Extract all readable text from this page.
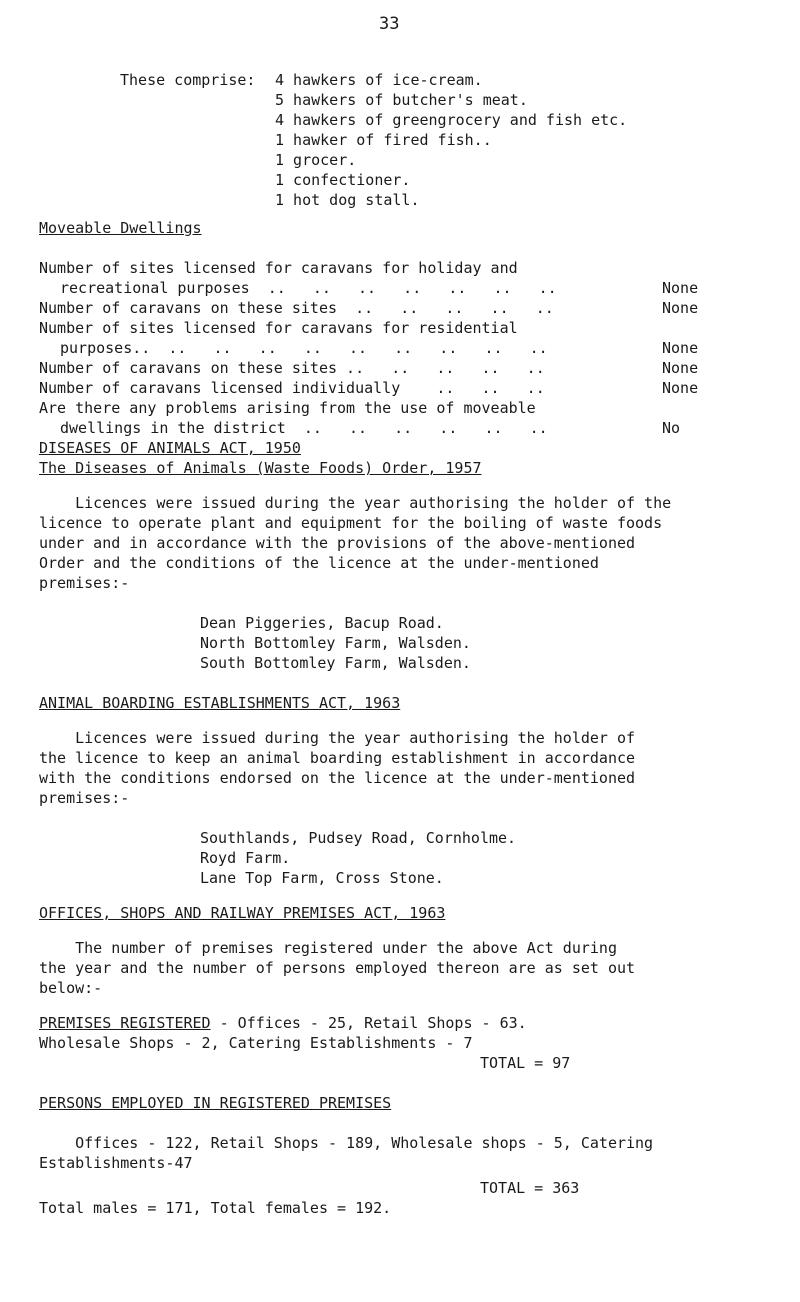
33
These comprise: 4 hawkers of ice-cream.
5 hawkers of butcher's meat.
4 hawkers of greengrocery and fish etc.
1 hawker of fired fish..
1 grocer.
1 confectioner.
1 hot dog stall.
Moveable Dwellings
Number of sites licensed for caravans for holiday and
recreational purposes  ..   ..   ..   ..   ..   ..   ..	None
Number of caravans on these sites  ..   ..   ..   ..   ..	None
Number of sites licensed for caravans for residential
purposes..  ..   ..   ..   ..   ..   ..   ..   ..   ..	None
Number of caravans on these sites ..   ..   ..   ..   ..	None
Number of caravans licensed individually    ..   ..   ..	None
Are there any problems arising from the use of moveable
dwellings in the district  ..   ..   ..   ..   ..   ..	No
DISEASES OF ANIMALS ACT, 1950
The Diseases of Animals (Waste Foods) Order, 1957
Licences were issued during the year authorising the holder of the
licence to operate plant and equipment for the boiling of waste foods
under and in accordance with the provisions of the above-mentioned
Order and the conditions of the licence at the under-mentioned
premises:-
Dean Piggeries, Bacup Road.
North Bottomley Farm, Walsden.
South Bottomley Farm, Walsden.
ANIMAL BOARDING ESTABLISHMENTS ACT, 1963
Licences were issued during the year authorising the holder of
the licence to keep an animal boarding establishment in accordance
with the conditions endorsed on the licence at the under-mentioned
premises:-
Southlands, Pudsey Road, Cornholme.
Royd Farm.
Lane Top Farm, Cross Stone.
OFFICES, SHOPS AND RAILWAY PREMISES ACT, 1963
The number of premises registered under the above Act during
the year and the number of persons employed thereon are as set out
below:-
PREMISES REGISTERED - Offices - 25, Retail Shops - 63.
Wholesale Shops - 2, Catering Establishments - 7
TOTAL = 97
PERSONS EMPLOYED IN REGISTERED PREMISES
Offices - 122, Retail Shops - 189, Wholesale shops - 5, Catering
Establishments-47
TOTAL = 363
Total males = 171, Total females = 192.
